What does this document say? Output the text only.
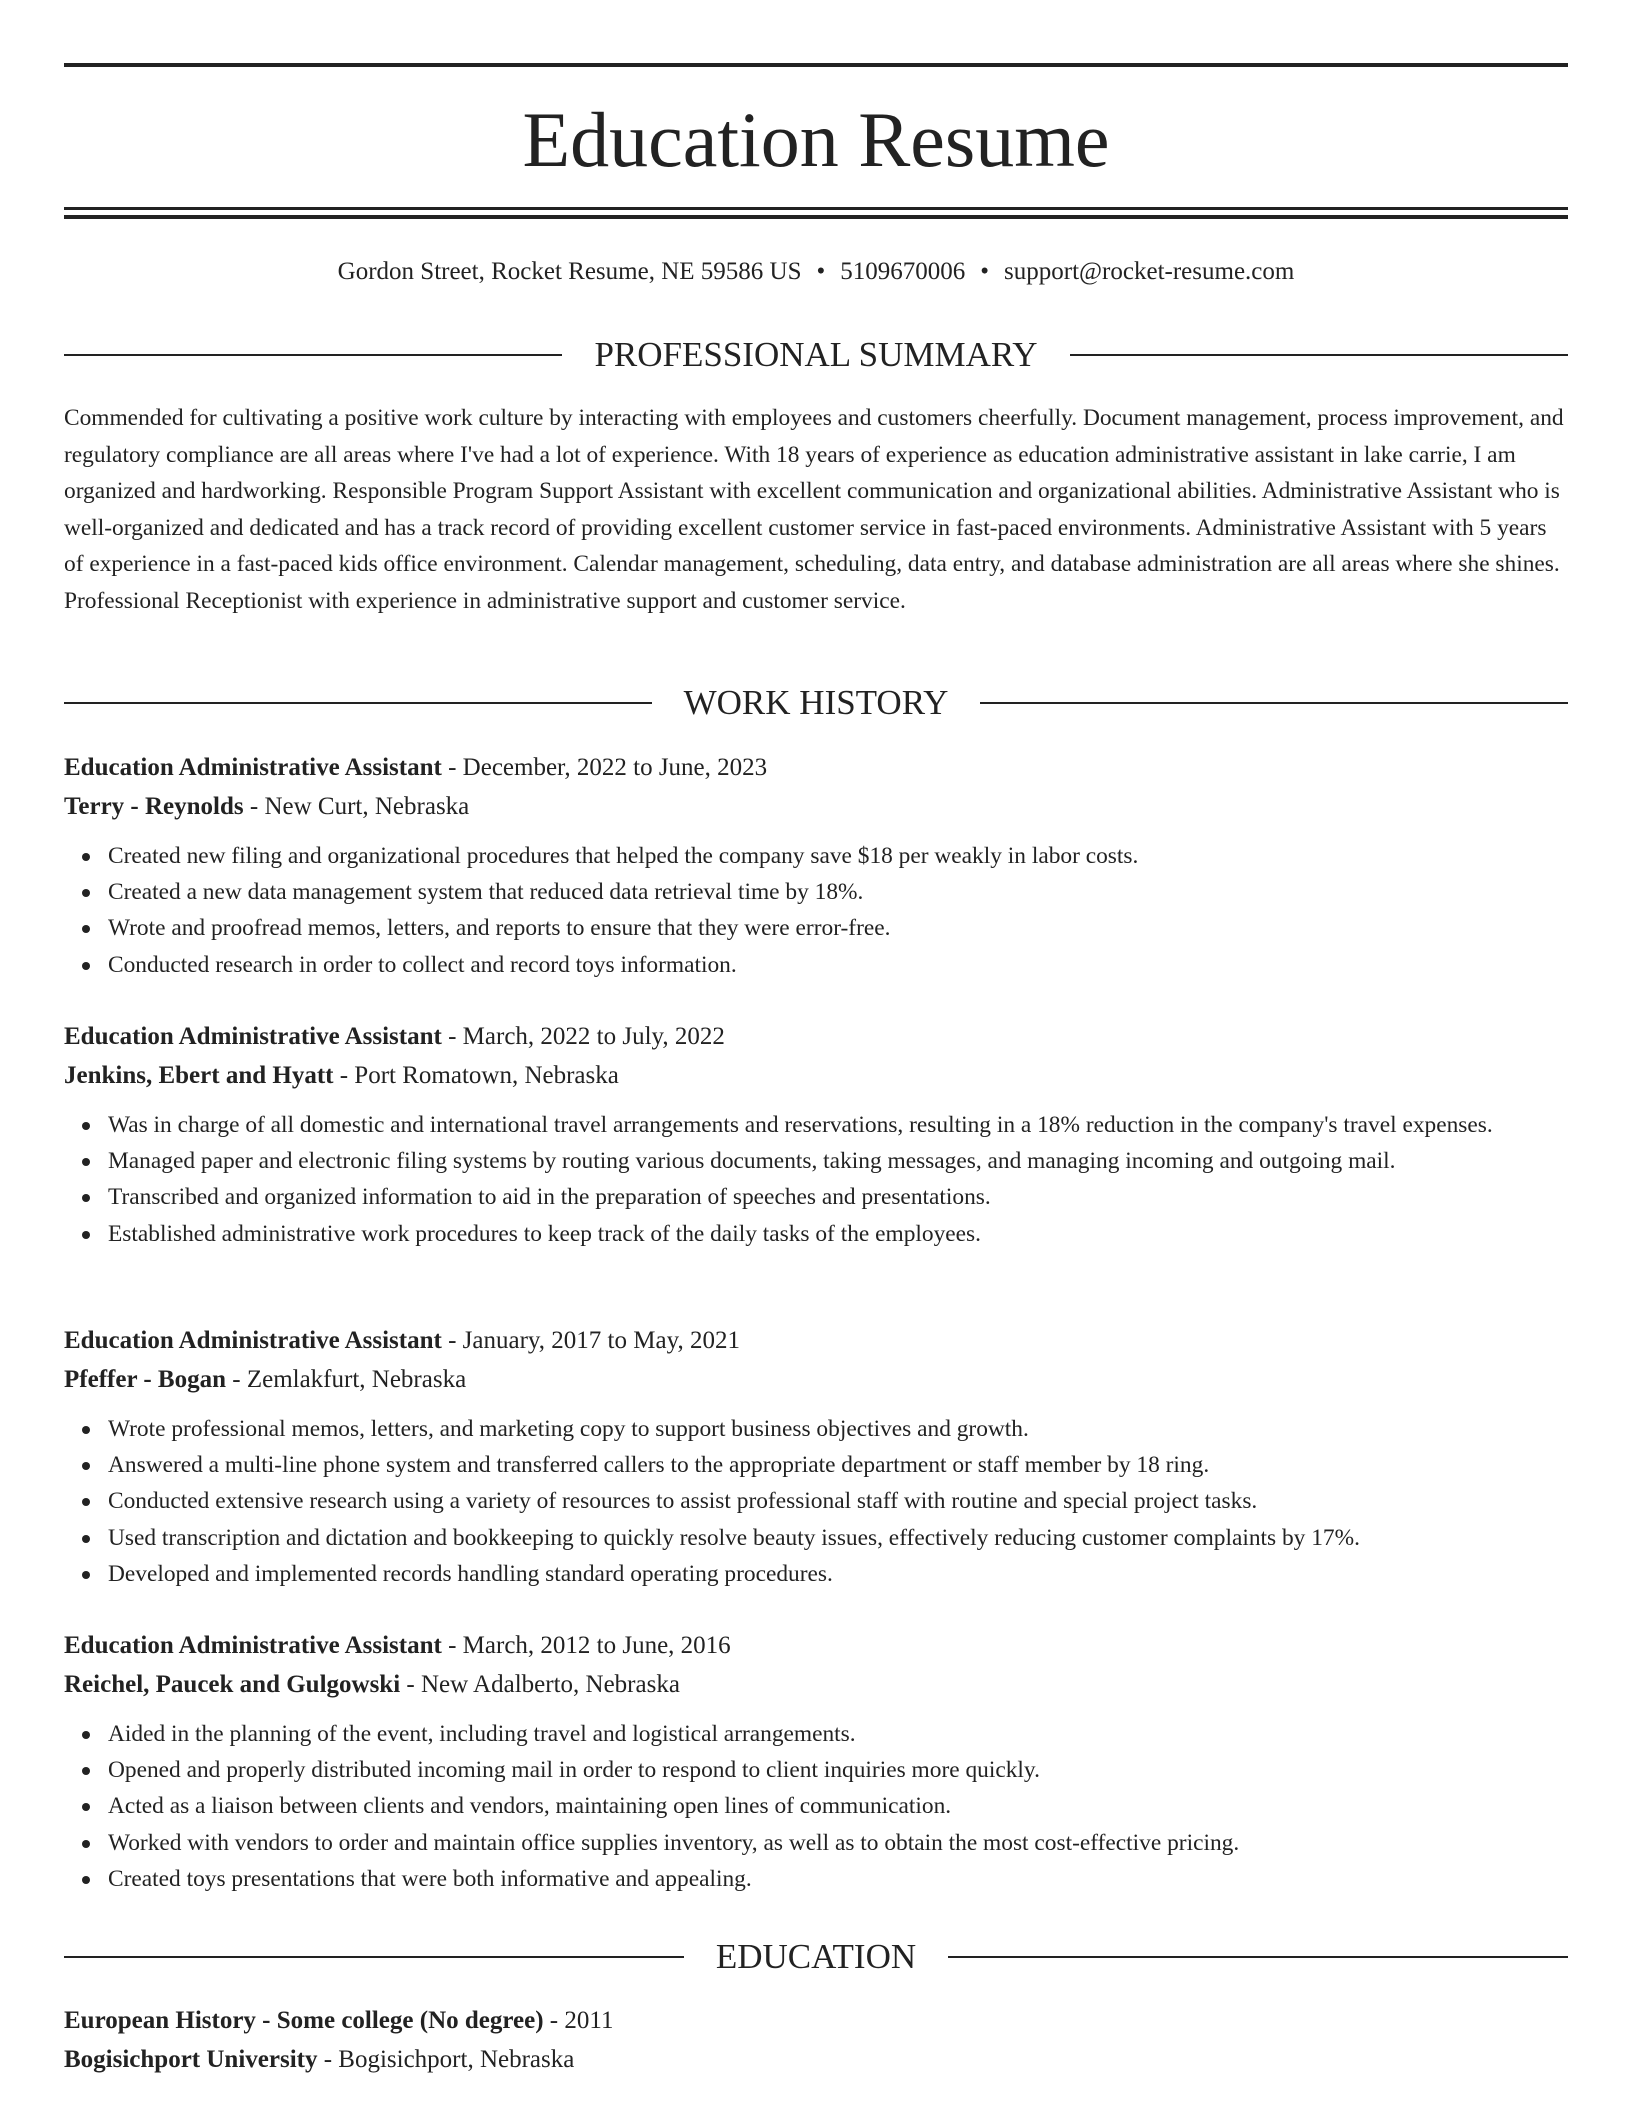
Education Resume
Gordon Street, Rocket Resume, NE 59586 US • 5109670006 • support@rocket-resume.com
PROFESSIONAL SUMMARY

Commended for cultivating a positive work culture by interacting with employees and customers cheerfully. Document management, process improvement, and regulatory compliance are all areas where I've had a lot of experience. With 18 years of experience as education administrative assistant in lake carrie, I am organized and hardworking. Responsible Program Support Assistant with excellent communication and organizational abilities. Administrative Assistant who is well-organized and dedicated and has a track record of providing excellent customer service in fast-paced environments. Administrative Assistant with 5 years of experience in a fast-paced kids office environment. Calendar management, scheduling, data entry, and database administration are all areas where she shines. Professional Receptionist with experience in administrative support and customer service.

WORK HISTORY
Education Administrative Assistant - December, 2022 to June, 2023
Terry - Reynolds - New Curt, Nebraska
Created new filing and organizational procedures that helped the company save $18 per weakly in labor costs.
Created a new data management system that reduced data retrieval time by 18%.
Wrote and proofread memos, letters, and reports to ensure that they were error-free.
Conducted research in order to collect and record toys information.
Education Administrative Assistant - March, 2022 to July, 2022
Jenkins, Ebert and Hyatt - Port Romatown, Nebraska
Was in charge of all domestic and international travel arrangements and reservations, resulting in a 18% reduction in the company's travel expenses.
Managed paper and electronic filing systems by routing various documents, taking messages, and managing incoming and outgoing mail.
Transcribed and organized information to aid in the preparation of speeches and presentations.
Established administrative work procedures to keep track of the daily tasks of the employees.
Education Administrative Assistant - January, 2017 to May, 2021
Pfeffer - Bogan - Zemlakfurt, Nebraska
Wrote professional memos, letters, and marketing copy to support business objectives and growth.
Answered a multi-line phone system and transferred callers to the appropriate department or staff member by 18 ring.
Conducted extensive research using a variety of resources to assist professional staff with routine and special project tasks.
Used transcription and dictation and bookkeeping to quickly resolve beauty issues, effectively reducing customer complaints by 17%.
Developed and implemented records handling standard operating procedures.
Education Administrative Assistant - March, 2012 to June, 2016
Reichel, Paucek and Gulgowski - New Adalberto, Nebraska
Aided in the planning of the event, including travel and logistical arrangements.
Opened and properly distributed incoming mail in order to respond to client inquiries more quickly.
Acted as a liaison between clients and vendors, maintaining open lines of communication.
Worked with vendors to order and maintain office supplies inventory, as well as to obtain the most cost-effective pricing.
Created toys presentations that were both informative and appealing.
EDUCATION
European History - Some college (No degree) - 2011
Bogisichport University - Bogisichport, Nebraska
